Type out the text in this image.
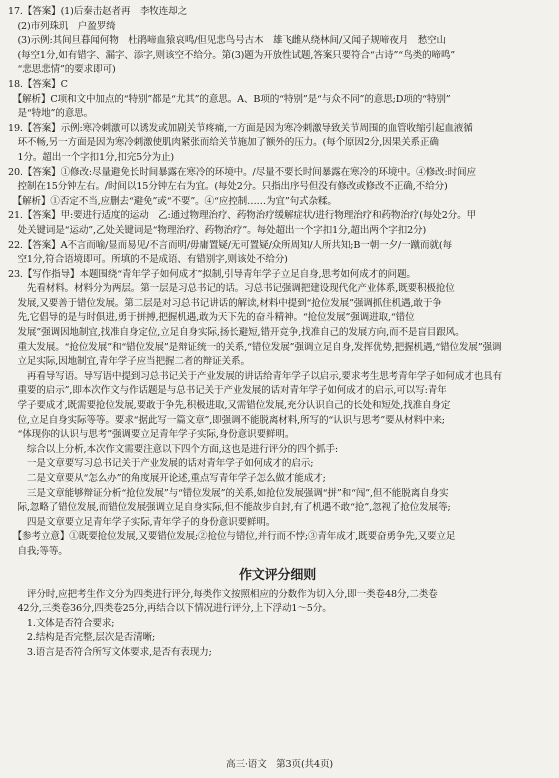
17.【答案】(1)后秦击赵者再　李牧连却之
　(2)市列珠玑　户盈罗绮
　(3)示例:其间旦暮闻何物　杜鹃啼血猿哀鸣/但见悲鸟号古木　雄飞雌从绕林间/又闻子规啼夜月　愁空山
　(每空1分,如有错字、漏字、添字,则该空不给分。第(3)题为开放性试题,答案只要符合“古诗”“鸟类的啼鸣”
　“悲思悲情”的要求即可)
18.【答案】C
　【解析】C项和文中加点的“特别”都是“尤其”的意思。A、B项的“特别”是“与众不同”的意思;D项的“特别”
　是“特地”的意思。
19.【答案】示例:寒冷刺激可以诱发或加剧关节疼痛,一方面是因为寒冷刺激导致关节周围的血管收缩引起血液循
　环不畅,另一方面是因为寒冷刺激使肌肉紧张而给关节施加了额外的压力。(每个原因2分,因果关系正确
　1分。超出一个字扣1分,扣完5分为止)
20.【答案】①修改:尽量避免长时间暴露在寒冷的环境中。/尽量不要长时间暴露在寒冷的环境中。④修改:时间应
　控制在15分钟左右。/时间以15分钟左右为宜。(每处2分。只指出序号但没有修改或修改不正确,不给分)
　【解析】①否定不当,应删去“避免”或“不要”。④“应控制……为宜”句式杂糅。
21.【答案】甲:要进行适度的运动　乙:通过物理治疗、药物治疗缓解症状/进行物理治疗和药物治疗(每处2分。甲
　处关键词是“运动”,乙处关键词是“物理治疗、药物治疗”。每处超出一个字扣1分,超出两个字扣2分)
22.【答案】A不言而喻/显而易见/不言而明/毋庸置疑/无可置疑/众所周知/人所共知;B一朝一夕/一蹴而就(每
　空1分,符合语境即可。所填的不是成语、有错别字,则该处不给分)
23.【写作指导】本题围绕“青年学子如何成才”拟制,引导青年学子立足自身,思考如何成才的问题。
　　先看材料。材料分为两层。第一层是习总书记的话。习总书记强调把建设现代化产业体系,既要积极抢位
　发展,又要善于错位发展。第二层是对习总书记讲话的解读,材料中提到“抢位发展”强调抓住机遇,敢于争
　先,它倡导的是与时俱进,勇于拼搏,把握机遇,敢为天下先的奋斗精神。“抢位发展”强调进取,“错位
　发展”强调因地制宜,找准自身定位,立足自身实际,扬长避短,错开竞争,找准自己的发展方向,而不是盲目跟风。
　重大发展。“抢位发展”和“错位发展”是辩证统一的关系,“错位发展”强调立足自身,发挥优势,把握机遇,“错位发展”强调
　立足实际,因地制宜,青年学子应当把握二者的辩证关系。
　　再看导写语。导写语中提到习总书记关于产业发展的讲话给青年学子以启示,要求考生思考青年学子如何成才也具有
　重要的启示”,即本次作文与作话题是与总书记关于产业发展的话对青年学子如何成才的启示,可以写:青年
　学子要成才,既需要抢位发展,要敢于争先,积极进取,又需错位发展,充分认识自己的长处和短处,找准自身定
　位,立足自身实际等等。要求“据此写一篇文章”,即强调不能脱离材料,所写的“认识与思考”要从材料中来;
　“体现你的认识与思考”强调要立足青年学子实际,身份意识要鲜明。
　　综合以上分析,本次作文需要注意以下四个方面,这也是进行评分的四个抓手:
　　一是文章要写习总书记关于产业发展的话对青年学子如何成才的启示;
　　二是文章要从“怎么办”的角度展开论述,重点写青年学子怎么做才能成才;
　　三是文章能够辩证分析“抢位发展”与“错位发展”的关系,如抢位发展强调“拼”和“闯”,但不能脱离自身实
　际,忽略了错位发展,而错位发展强调立足自身实际,但不能故步自封,有了机遇不敢“抢”,忽视了抢位发展等;
　　四是文章要立足青年学子实际,青年学子的身份意识要鲜明。
　【参考立意】①既要抢位发展,又要错位发展;②抢位与错位,并行而不悖;③青年成才,既要奋勇争先,又要立足
　自我;等等。
作文评分细则
　　评分时,应把考生作文分为四类进行评分,每类作文按照相应的分数作为切入分,即一类卷48分,二类卷
　42分,三类卷36分,四类卷25分,再结合以下情况进行评分,上下浮动1～5分。
　　1.文体是否符合要求;
　　2.结构是否完整,层次是否清晰;
　　3.语言是否符合所写文体要求,是否有表现力;
高三·语文　第3页(共4页)
